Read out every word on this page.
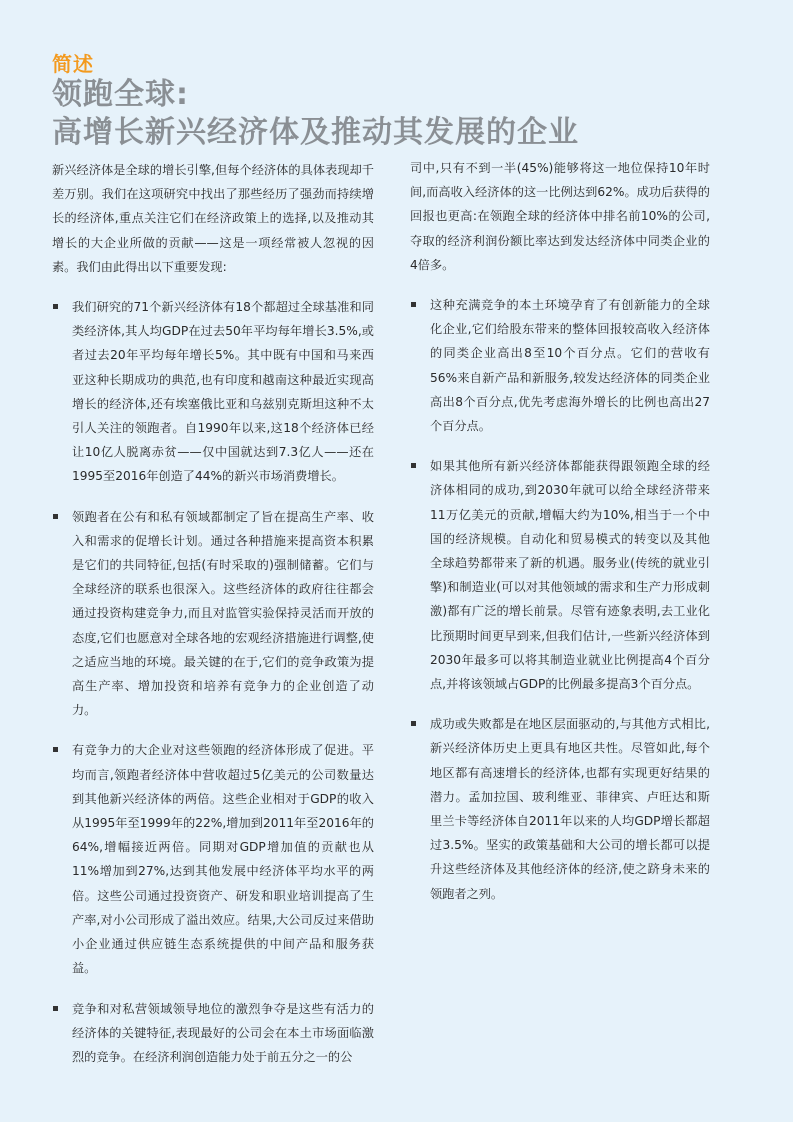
简述
领跑全球:
高增长新兴经济体及推动其发展的企业

新兴经济体是全球的增长引擎,但每个经济体的具体表现却千差万别。我们在这项研究中找出了那些经历了强劲而持续增长的经济体,重点关注它们在经济政策上的选择,以及推动其增长的大企业所做的贡献——这是一项经常被人忽视的因素。我们由此得出以下重要发现:

我们研究的71个新兴经济体有18个都超过全球基准和同类经济体,其人均GDP在过去50年平均每年增长3.5%,或者过去20年平均每年增长5%。其中既有中国和马来西亚这种长期成功的典范,也有印度和越南这种最近实现高增长的经济体,还有埃塞俄比亚和乌兹别克斯坦这种不太引人关注的领跑者。自1990年以来,这18个经济体已经让10亿人脱离赤贫——仅中国就达到7.3亿人——还在1995至2016年创造了44%的新兴市场消费增长。
领跑者在公有和私有领域都制定了旨在提高生产率、收入和需求的促增长计划。通过各种措施来提高资本积累是它们的共同特征,包括(有时采取的)强制储蓄。它们与全球经济的联系也很深入。这些经济体的政府往往都会通过投资构建竞争力,而且对监管实验保持灵活而开放的态度,它们也愿意对全球各地的宏观经济措施进行调整,使之适应当地的环境。最关键的在于,它们的竞争政策为提高生产率、增加投资和培养有竞争力的企业创造了动力。
有竞争力的大企业对这些领跑的经济体形成了促进。平均而言,领跑者经济体中营收超过5亿美元的公司数量达到其他新兴经济体的两倍。这些企业相对于GDP的收入从1995年至1999年的22%,增加到2011年至2016年的64%,增幅接近两倍。同期对GDP增加值的贡献也从11%增加到27%,达到其他发展中经济体平均水平的两倍。这些公司通过投资资产、研发和职业培训提高了生产率,对小公司形成了溢出效应。结果,大公司反过来借助小企业通过供应链生态系统提供的中间产品和服务获益。
竞争和对私营领域领导地位的激烈争夺是这些有活力的经济体的关键特征,表现最好的公司会在本土市场面临激烈的竞争。在经济利润创造能力处于前五分之一的公

司中,只有不到一半(45%)能够将这一地位保持10年时间,而高收入经济体的这一比例达到62%。成功后获得的回报也更高:在领跑全球的经济体中排名前10%的公司,夺取的经济利润份额比率达到发达经济体中同类企业的4倍多。

这种充满竞争的本土环境孕育了有创新能力的全球化企业,它们给股东带来的整体回报较高收入经济体的同类企业高出8至10个百分点。它们的营收有56%来自新产品和新服务,较发达经济体的同类企业高出8个百分点,优先考虑海外增长的比例也高出27个百分点。
如果其他所有新兴经济体都能获得跟领跑全球的经济体相同的成功,到2030年就可以给全球经济带来11万亿美元的贡献,增幅大约为10%,相当于一个中国的经济规模。自动化和贸易模式的转变以及其他全球趋势都带来了新的机遇。服务业(传统的就业引擎)和制造业(可以对其他领域的需求和生产力形成刺激)都有广泛的增长前景。尽管有迹象表明,去工业化比预期时间更早到来,但我们估计,一些新兴经济体到2030年最多可以将其制造业就业比例提高4个百分点,并将该领域占GDP的比例最多提高3个百分点。
成功或失败都是在地区层面驱动的,与其他方式相比,新兴经济体历史上更具有地区共性。尽管如此,每个地区都有高速增长的经济体,也都有实现更好结果的潜力。孟加拉国、玻利维亚、菲律宾、卢旺达和斯里兰卡等经济体自2011年以来的人均GDP增长都超过3.5%。坚实的政策基础和大公司的增长都可以提升这些经济体及其他经济体的经济,使之跻身未来的领跑者之列。
